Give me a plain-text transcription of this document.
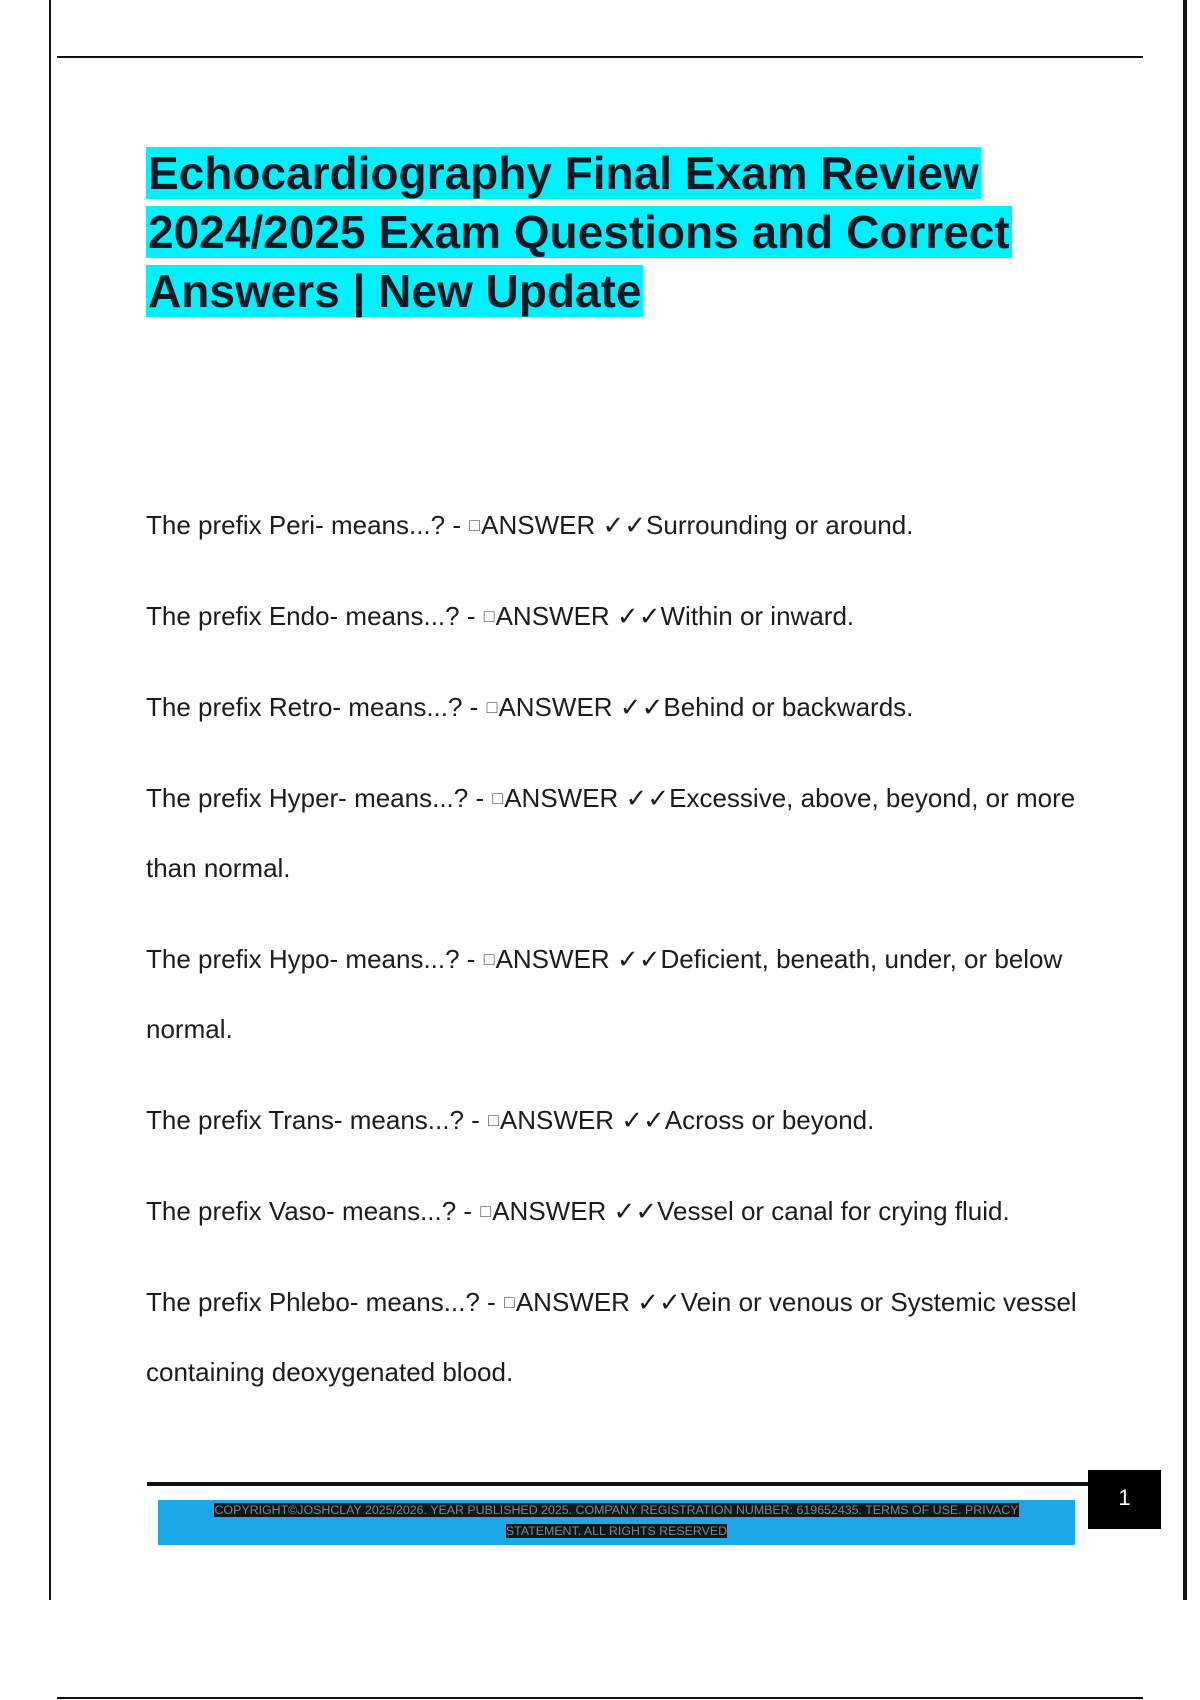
Echocardiography Final Exam Review
2024/2025 Exam Questions and Correct
Answers | New Update
The prefix Peri- means...? - □ANSWER ✓✓Surrounding or around.
The prefix Endo- means...? - □ANSWER ✓✓Within or inward.
The prefix Retro- means...? - □ANSWER ✓✓Behind or backwards.
The prefix Hyper- means...? - □ANSWER ✓✓Excessive, above, beyond, or more than normal.
The prefix Hypo- means...? - □ANSWER ✓✓Deficient, beneath, under, or below normal.
The prefix Trans- means...? - □ANSWER ✓✓Across or beyond.
The prefix Vaso- means...? - □ANSWER ✓✓Vessel or canal for crying fluid.
The prefix Phlebo- means...? - □ANSWER ✓✓Vein or venous or Systemic vessel containing deoxygenated blood.
1
COPYRIGHT©JOSHCLAY 2025/2026. YEAR PUBLISHED 2025. COMPANY REGISTRATION NUMBER: 619652435. TERMS OF USE. PRIVACY
STATEMENT. ALL RIGHTS RESERVED
